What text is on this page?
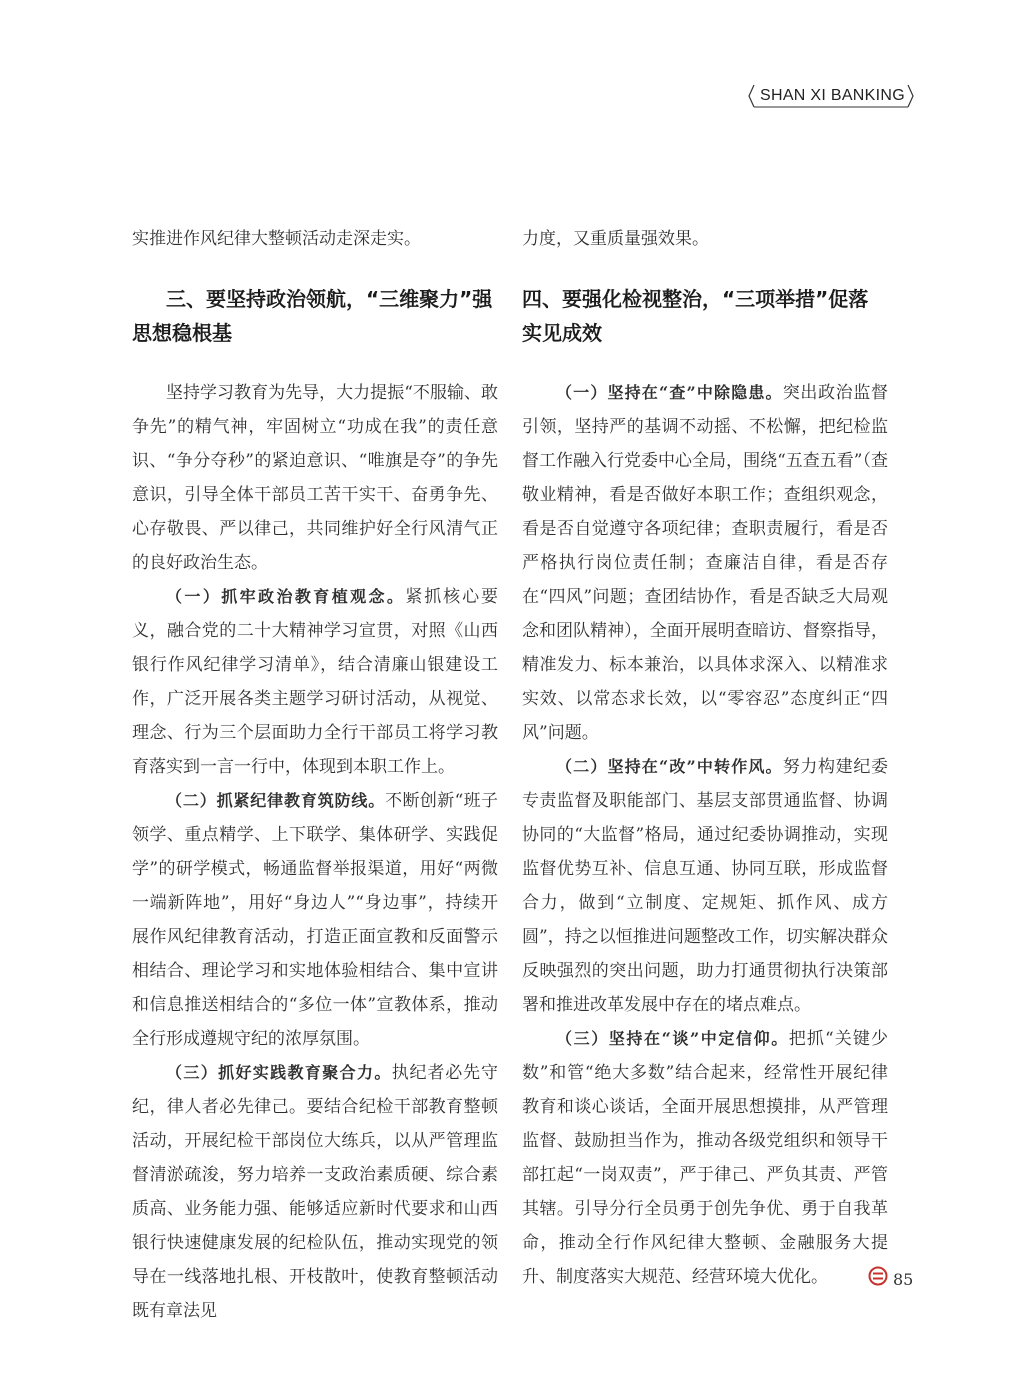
SHAN XI BANKING

实推进作风纪律大整顿活动走深走实。

三、要坚持政治领航，“三维聚力”强思想稳根基

坚持学习教育为先导，大力提振“不服输、敢争先”的精气神，牢固树立“功成在我”的责任意识、“争分夺秒”的紧迫意识、“唯旗是夺”的争先意识，引导全体干部员工苦干实干、奋勇争先、心存敬畏、严以律己，共同维护好全行风清气正的良好政治生态。

（一）抓牢政治教育植观念。紧抓核心要义，融合党的二十大精神学习宣贯，对照《山西银行作风纪律学习清单》，结合清廉山银建设工作，广泛开展各类主题学习研讨活动，从视觉、理念、行为三个层面助力全行干部员工将学习教育落实到一言一行中，体现到本职工作上。

（二）抓紧纪律教育筑防线。不断创新“班子领学、重点精学、上下联学、集体研学、实践促学”的研学模式，畅通监督举报渠道，用好“两微一端新阵地”，用好“身边人”“身边事”，持续开展作风纪律教育活动，打造正面宣教和反面警示相结合、理论学习和实地体验相结合、集中宣讲和信息推送相结合的“多位一体”宣教体系，推动全行形成遵规守纪的浓厚氛围。

（三）抓好实践教育聚合力。执纪者必先守纪，律人者必先律己。要结合纪检干部教育整顿活动，开展纪检干部岗位大练兵，以从严管理监督清淤疏浚，努力培养一支政治素质硬、综合素质高、业务能力强、能够适应新时代要求和山西银行快速健康发展的纪检队伍，推动实现党的领导在一线落地扎根、开枝散叶，使教育整顿活动既有章法见

力度，又重质量强效果。

四、要强化检视整治，“三项举措”促落实见成效

（一）坚持在“查”中除隐患。突出政治监督引领，坚持严的基调不动摇、不松懈，把纪检监督工作融入行党委中心全局，围绕“五查五看”（查敬业精神，看是否做好本职工作；查组织观念，看是否自觉遵守各项纪律；查职责履行，看是否严格执行岗位责任制；查廉洁自律，看是否存在“四风”问题；查团结协作，看是否缺乏大局观念和团队精神），全面开展明查暗访、督察指导，精准发力、标本兼治，以具体求深入、以精准求实效、以常态求长效，以“零容忍”态度纠正“四风”问题。

（二）坚持在“改”中转作风。努力构建纪委专责监督及职能部门、基层支部贯通监督、协调协同的“大监督”格局，通过纪委协调推动，实现监督优势互补、信息互通、协同互联，形成监督合力，做到“立制度、定规矩、抓作风、成方圆”，持之以恒推进问题整改工作，切实解决群众反映强烈的突出问题，助力打通贯彻执行决策部署和推进改革发展中存在的堵点难点。

（三）坚持在“谈”中定信仰。把抓“关键少数”和管“绝大多数”结合起来，经常性开展纪律教育和谈心谈话，全面开展思想摸排，从严管理监督、鼓励担当作为，推动各级党组织和领导干部扛起“一岗双责”，严于律己、严负其责、严管其辖。引导分行全员勇于创先争优、勇于自我革命，推动全行作风纪律大整顿、金融服务大提升、制度落实大规范、经营环境大优化。	85
